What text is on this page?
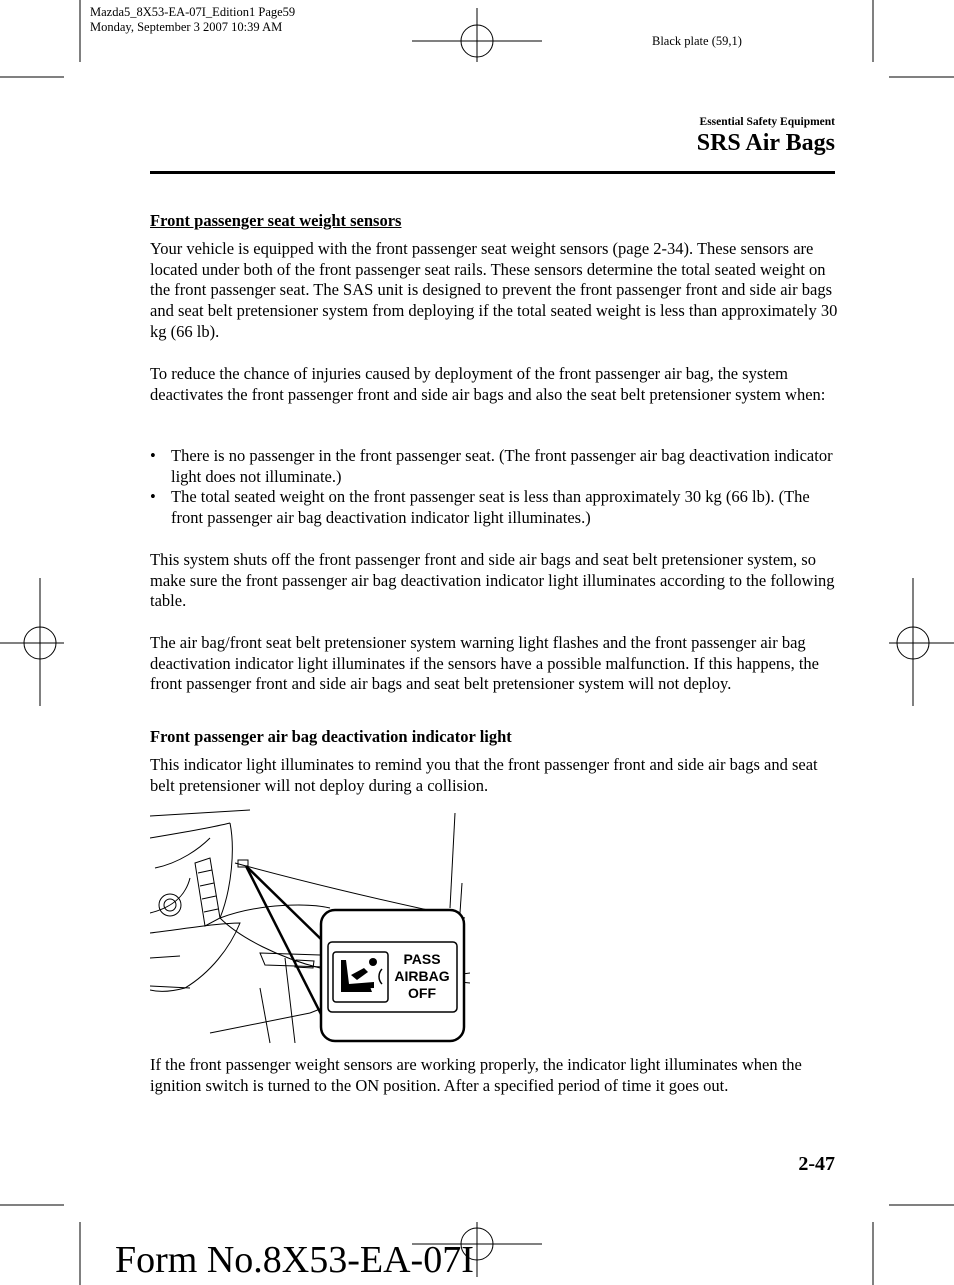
Mazda5_8X53-EA-07I_Edition1 Page59
Monday, September 3 2007 10:39 AM
Black plate (59,1)
Essential Safety Equipment
SRS Air Bags
Front passenger seat weight sensors
Your vehicle is equipped with the front passenger seat weight sensors (page 2-34). These sensors are located under both of the front passenger seat rails. These sensors determine the total seated weight on the front passenger seat. The SAS unit is designed to prevent the front passenger front and side air bags and seat belt pretensioner system from deploying if the total seated weight is less than approximately 30 kg (66 lb).
To reduce the chance of injuries caused by deployment of the front passenger air bag, the system deactivates the front passenger front and side air bags and also the seat belt pretensioner system when:
• There is no passenger in the front passenger seat. (The front passenger air bag deactivation indicator light does not illuminate.)
• The total seated weight on the front passenger seat is less than approximately 30 kg (66 lb). (The front passenger air bag deactivation indicator light illuminates.)
This system shuts off the front passenger front and side air bags and seat belt pretensioner system, so make sure the front passenger air bag deactivation indicator light illuminates according to the following table.
The air bag/front seat belt pretensioner system warning light flashes and the front passenger air bag deactivation indicator light illuminates if the sensors have a possible malfunction. If this happens, the front passenger front and side air bags and seat belt pretensioner system will not deploy.
Front passenger air bag deactivation indicator light
This indicator light illuminates to remind you that the front passenger front and side air bags and seat belt pretensioner will not deploy during a collision.
PASS
AIRBAG
OFF
If the front passenger weight sensors are working properly, the indicator light illuminates when the ignition switch is turned to the ON position. After a specified period of time it goes out.
2-47
Form No.8X53-EA-07I
